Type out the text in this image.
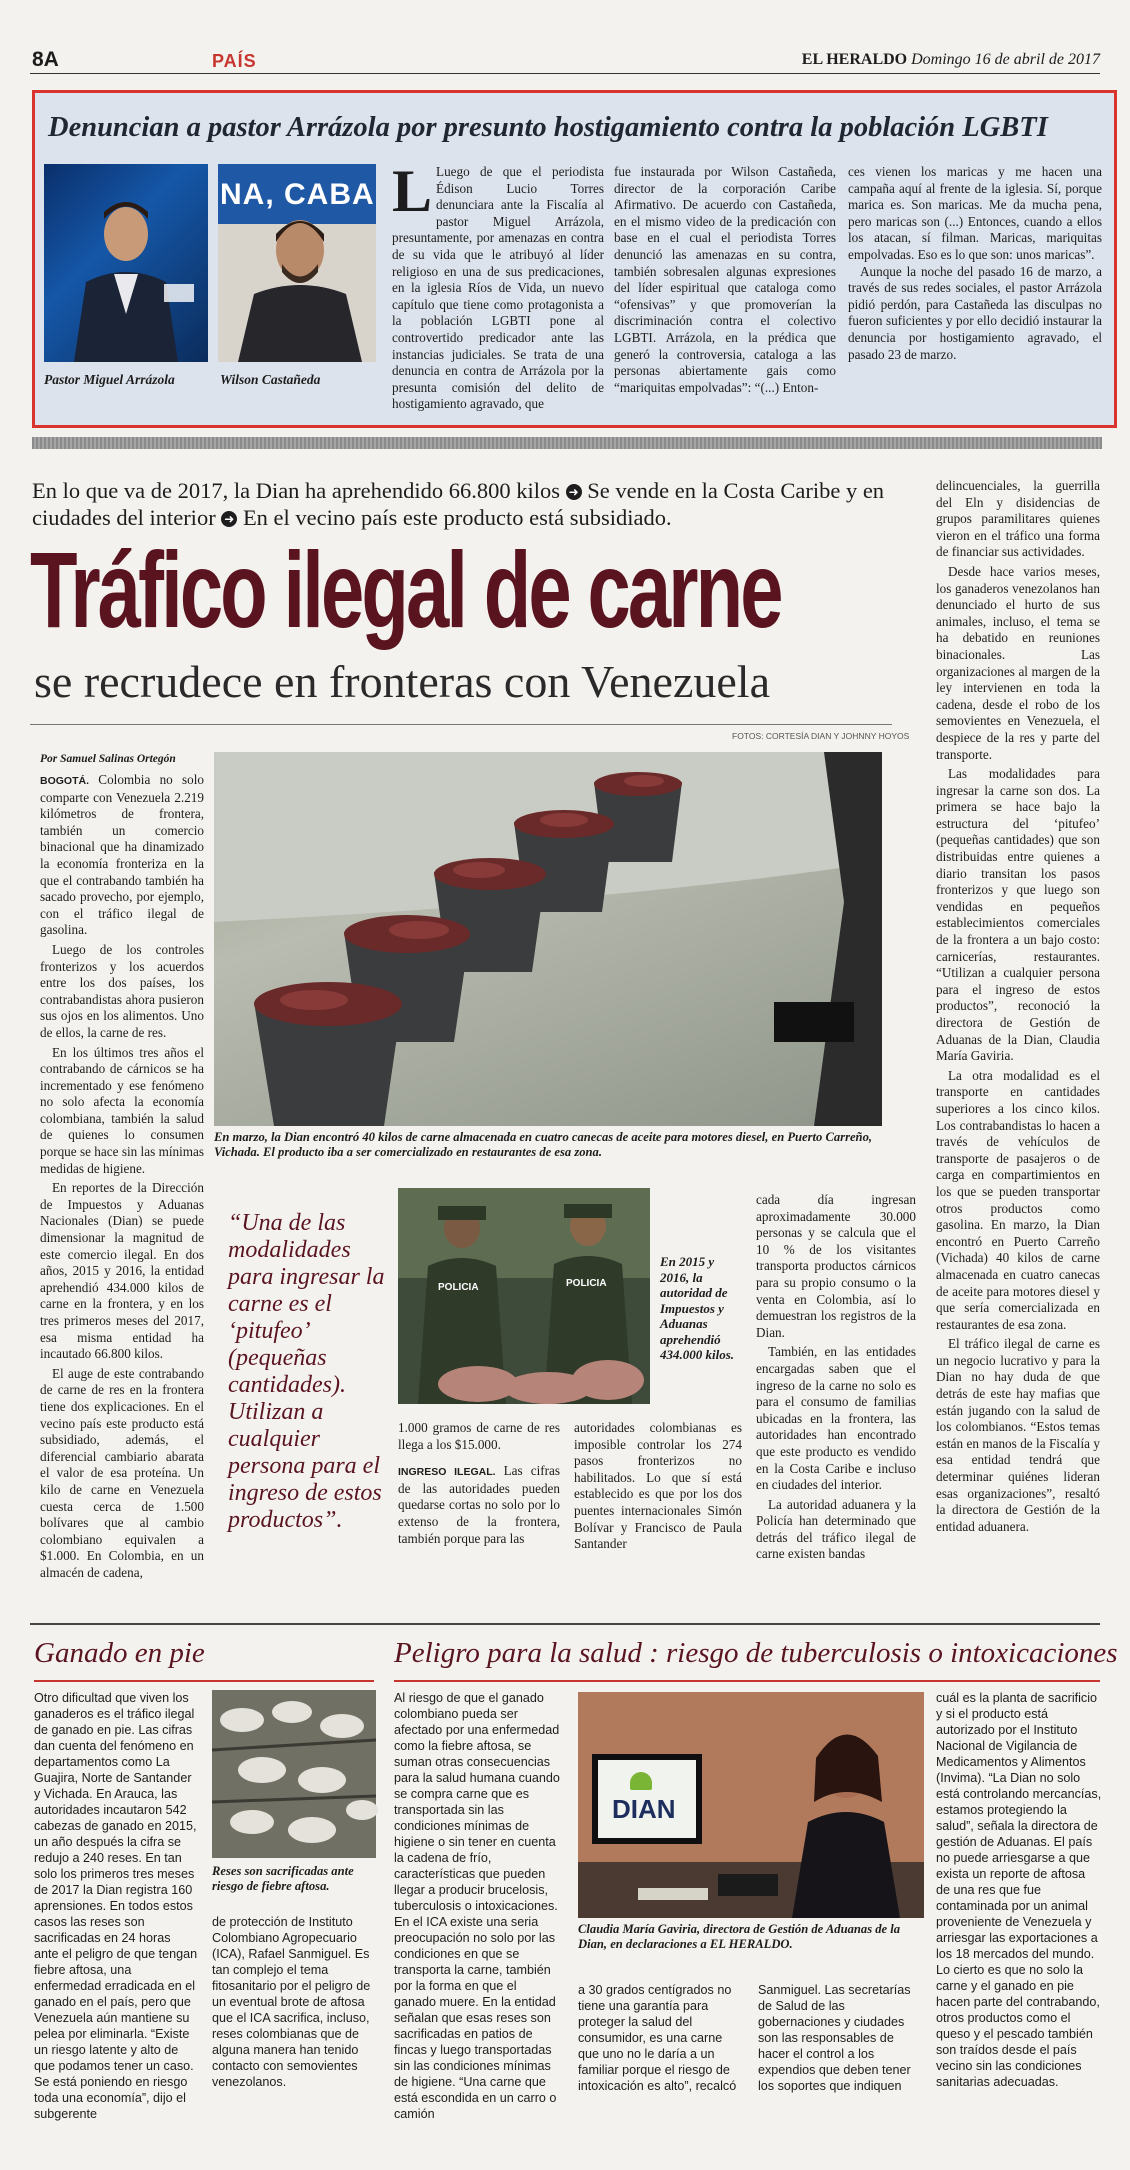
8A	PAÍS	EL HERALDO Domingo 16 de abril de 2017
Denuncian a pastor Arrázola por presunto hostigamiento contra la población LGBTI
NA, CABA
Pastor Miguel Arrázola	Wilson Castañeda
L Luego de que el periodista Édison Lucio Torres denunciara ante la Fiscalía al pastor Miguel Arrázola, presuntamente, por amenazas en contra de su vida que le atribuyó al líder religioso en una de sus predicaciones, en la iglesia Ríos de Vida, un nuevo capítulo que tiene como protagonista a la población LGBTI pone al controvertido predicador ante las instancias judiciales. Se trata de una denuncia en contra de Arrázola por la presunta comisión del delito de hostigamiento agravado, que
fue instaurada por Wilson Castañeda, director de la corporación Caribe Afirmativo. De acuerdo con Castañeda, en el mismo video de la predicación con base en el cual el periodista Torres denunció las amenazas en su contra, también sobresalen algunas expresiones del líder espiritual que cataloga como “ofensivas” y que promoverían la discriminación contra el colectivo LGBTI. Arrázola, en la prédica que generó la controversia, cataloga a las personas abiertamente gais como “mariquitas empolvadas”: “(...) Enton-
ces vienen los maricas y me hacen una campaña aquí al frente de la iglesia. Sí, porque marica es. Son maricas. Me da mucha pena, pero maricas son (...) Entonces, cuando a ellos los atacan, sí filman. Maricas, mariquitas empolvadas. Eso es lo que son: unos maricas”.

Aunque la noche del pasado 16 de marzo, a través de sus redes sociales, el pastor Arrázola pidió perdón, para Castañeda las disculpas no fueron suficientes y por ello decidió instaurar la denuncia por hostigamiento agravado, el pasado 23 de marzo.

En lo que va de 2017, la Dian ha aprehendido 66.800 kilos ➜ Se vende en la Costa Caribe y en ciudades del interior ➜ En el vecino país este producto está subsidiado.
Tráfico ilegal de carne
se recrudece en fronteras con Venezuela
FOTOS: CORTESÍA DIAN Y JOHNNY HOYOS
Por Samuel Salinas Ortegón
En marzo, la Dian encontró 40 kilos de carne almacenada en cuatro canecas de aceite para motores diesel, en Puerto Carreño, Vichada. El producto iba a ser comercializado en restaurantes de esa zona.

BOGOTÁ. Colombia no solo comparte con Venezuela 2.219 kilómetros de frontera, también un comercio binacional que ha dinamizado la economía fronteriza en la que el contrabando también ha sacado provecho, por ejemplo, con el tráfico ilegal de gasolina.

Luego de los controles fronterizos y los acuerdos entre los dos países, los contrabandistas ahora pusieron sus ojos en los alimentos. Uno de ellos, la carne de res.

En los últimos tres años el contrabando de cárnicos se ha incrementado y ese fenómeno no solo afecta la economía colombiana, también la salud de quienes lo consumen porque se hace sin las mínimas medidas de higiene.

En reportes de la Dirección de Impuestos y Aduanas Nacionales (Dian) se puede dimensionar la magnitud de este comercio ilegal. En dos años, 2015 y 2016, la entidad aprehendió 434.000 kilos de carne en la frontera, y en los tres primeros meses del 2017, esa misma entidad ha incautado 66.800 kilos.

El auge de este contrabando de carne de res en la frontera tiene dos explicaciones. En el vecino país este producto está subsidiado, además, el diferencial cambiario abarata el valor de esa proteína. Un kilo de carne en Venezuela cuesta cerca de 1.500 bolívares que al cambio colombiano equivalen a $1.000. En Colombia, en un almacén de cadena,

“Una de las modalidades para ingresar la carne es el ‘pitufeo’ (pequeñas cantidades). Utilizan a cualquier persona para el ingreso de estos productos”.
POLICIA	POLICIA
En 2015 y 2016, la autoridad de Impuestos y Aduanas aprehendió 434.000 kilos.

1.000 gramos de carne de res llega a los $15.000.

INGRESO ILEGAL. Las cifras de las autoridades pueden quedarse cortas no solo por lo extenso de la frontera, también porque para las

autoridades colombianas es imposible controlar los 274 pasos fronterizos no habilitados. Lo que sí está establecido es que por los dos puentes internacionales Simón Bolívar y Francisco de Paula Santander

cada día ingresan aproximadamente 30.000 personas y se calcula que el 10 % de los visitantes transporta productos cárnicos para su propio consumo o la venta en Colombia, así lo demuestran los registros de la Dian.

También, en las entidades encargadas saben que el ingreso de la carne no solo es para el consumo de familias ubicadas en la frontera, las autoridades han encontrado que este producto es vendido en la Costa Caribe e incluso en ciudades del interior.

La autoridad aduanera y la Policía han determinado que detrás del tráfico ilegal de carne existen bandas

delincuenciales, la guerrilla del Eln y disidencias de grupos paramilitares quienes vieron en el tráfico una forma de financiar sus actividades.

Desde hace varios meses, los ganaderos venezolanos han denunciado el hurto de sus animales, incluso, el tema se ha debatido en reuniones binacionales. Las organizaciones al margen de la ley intervienen en toda la cadena, desde el robo de los semovientes en Venezuela, el despiece de la res y parte del transporte.

Las modalidades para ingresar la carne son dos. La primera se hace bajo la estructura del ‘pitufeo’ (pequeñas cantidades) que son distribuidas entre quienes a diario transitan los pasos fronterizos y que luego son vendidas en pequeños establecimientos comerciales de la frontera a un bajo costo: carnicerías, restaurantes. “Utilizan a cualquier persona para el ingreso de estos productos”, reconoció la directora de Gestión de Aduanas de la Dian, Claudia María Gaviria.

La otra modalidad es el transporte en cantidades superiores a los cinco kilos. Los contrabandistas lo hacen a través de vehículos de transporte de pasajeros o de carga en compartimientos en los que se pueden transportar otros productos como gasolina. En marzo, la Dian encontró en Puerto Carreño (Vichada) 40 kilos de carne almacenada en cuatro canecas de aceite para motores diesel y que sería comercializada en restaurantes de esa zona.

El tráfico ilegal de carne es un negocio lucrativo y para la Dian no hay duda de que detrás de este hay mafias que están jugando con la salud de los colombianos. “Estos temas están en manos de la Fiscalía y esa entidad tendrá que determinar quiénes lideran esas organizaciones”, resaltó la directora de Gestión de la entidad aduanera.

Ganado en pie

Otro dificultad que viven los ganaderos es el tráfico ilegal de ganado en pie. Las cifras dan cuenta del fenómeno en departamentos como La Guajira, Norte de Santander y Vichada. En Arauca, las autoridades incautaron 542 cabezas de ganado en 2015, un año después la cifra se redujo a 240 reses. En tan solo los primeros tres meses de 2017 la Dian registra 160 aprensiones. En todos estos casos las reses son sacrificadas en 24 horas ante el peligro de que tengan fiebre aftosa, una enfermedad erradicada en el ganado en el país, pero que Venezuela aún mantiene su pelea por eliminarla. “Existe un riesgo latente y alto de que podamos tener un caso. Se está poniendo en riesgo toda una economía”, dijo el subgerente

Reses son sacrificadas ante riesgo de fiebre aftosa.

de protección de Instituto Colombiano Agropecuario (ICA), Rafael Sanmiguel. Es tan complejo el tema fitosanitario por el peligro de un eventual brote de aftosa que el ICA sacrifica, incluso, reses colombianas que de alguna manera han tenido contacto con semovientes venezolanos.

Peligro para la salud : riesgo de tuberculosis o intoxicaciones

Al riesgo de que el ganado colombiano pueda ser afectado por una enfermedad como la fiebre aftosa, se suman otras consecuencias para la salud humana cuando se compra carne que es transportada sin las condiciones mínimas de higiene o sin tener en cuenta la cadena de frío, características que pueden llegar a producir brucelosis, tuberculosis o intoxicaciones. En el ICA existe una seria preocupación no solo por las condiciones en que se transporta la carne, también por la forma en que el ganado muere. En la entidad señalan que esas reses son sacrificadas en patios de fincas y luego transportadas sin las condiciones mínimas de higiene. “Una carne que está escondida en un carro o camión

DIAN
Claudia María Gaviria, directora de Gestión de Aduanas de la Dian, en declaraciones a EL HERALDO.

a 30 grados centígrados no tiene una garantía para proteger la salud del consumidor, es una carne que uno no le daría a un familiar porque el riesgo de intoxicación es alto”, recalcó

Sanmiguel. Las secretarías de Salud de las gobernaciones y ciudades son las responsables de hacer el control a los expendios que deben tener los soportes que indiquen

cuál es la planta de sacrificio y si el producto está autorizado por el Instituto Nacional de Vigilancia de Medicamentos y Alimentos (Invima). “La Dian no solo está controlando mercancías, estamos protegiendo la salud”, señala la directora de gestión de Aduanas. El país no puede arriesgarse a que exista un reporte de aftosa de una res que fue contaminada por un animal proveniente de Venezuela y arriesgar las exportaciones a los 18 mercados del mundo. Lo cierto es que no solo la carne y el ganado en pie hacen parte del contrabando, otros productos como el queso y el pescado también son traídos desde el país vecino sin las condiciones sanitarias adecuadas.
